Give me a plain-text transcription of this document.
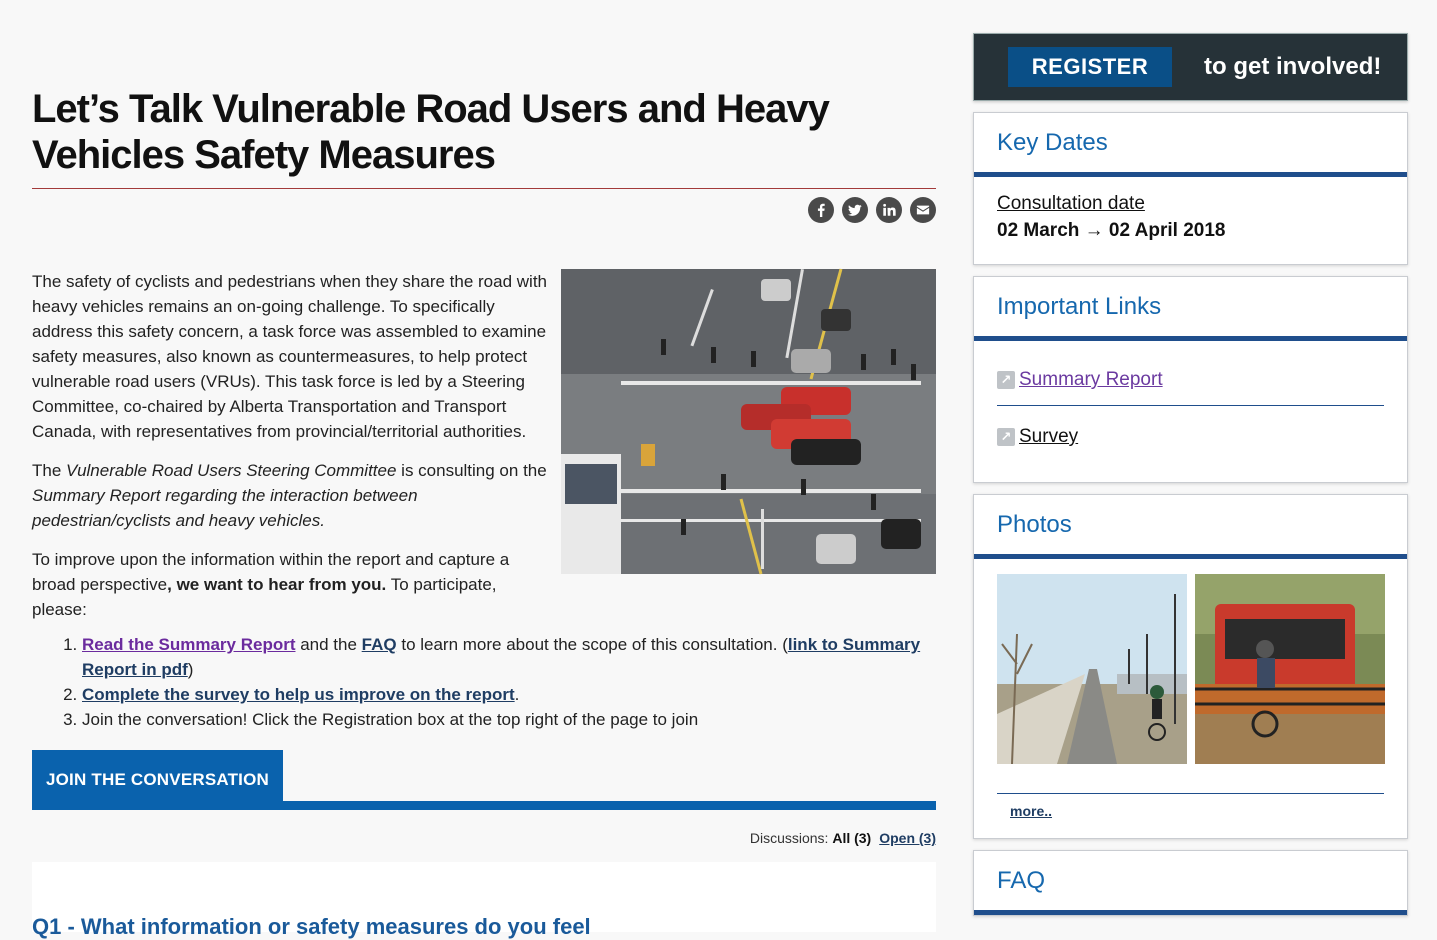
Let’s Talk Vulnerable Road Users and Heavy Vehicles Safety Measures

The safety of cyclists and pedestrians when they share the road with heavy vehicles remains an on-going challenge. To specifically address this safety concern, a task force was assembled to examine safety measures, also known as countermeasures, to help protect vulnerable road users (VRUs). This task force is led by a Steering Committee, co-chaired by Alberta Transportation and Transport Canada, with representatives from provincial/territorial authorities.

The Vulnerable Road Users Steering Committee is consulting on the Summary Report regarding the interaction between pedestrian/cyclists and heavy vehicles.

To improve upon the information within the report and capture a broad perspective, we want to hear from you. To participate, please:

1. Read the Summary Report and the FAQ to learn more about the scope of this consultation. (link to Summary Report in pdf)
2. Complete the survey to help us improve on the report.
3. Join the conversation! Click the Registration box at the top right of the page to join
JOIN THE CONVERSATION
Discussions: All (3) Open (3)
Q1 - What information or safety measures do you feel
REGISTER	to get involved!
Key Dates
Consultation date
02 March → 02 April 2018
Important Links
↗ Summary Report
↗ Survey
Photos
more..
FAQ
